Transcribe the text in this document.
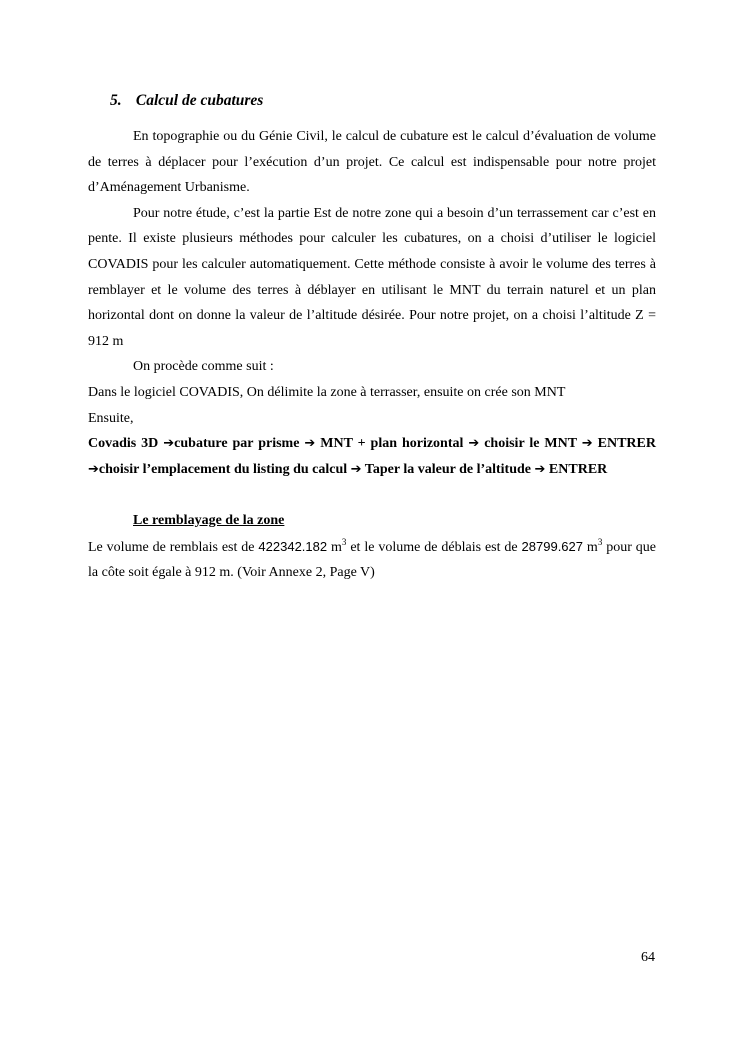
5. Calcul de cubatures

En topographie ou du Génie Civil, le calcul de cubature est le calcul d’évaluation de volume de terres à déplacer pour l’exécution d’un projet. Ce calcul est indispensable pour notre projet d’Aménagement Urbanisme.

Pour notre étude, c’est la partie Est de notre zone qui a besoin d’un terrassement car c’est en pente. Il existe plusieurs méthodes pour calculer les cubatures, on a choisi d’utiliser le logiciel COVADIS pour les calculer automatiquement. Cette méthode consiste à avoir le volume des terres à remblayer et le volume des terres à déblayer en utilisant le MNT du terrain naturel et un plan horizontal dont on donne la valeur de l’altitude désirée. Pour notre projet, on a choisi l’altitude Z = 912 m

On procède comme suit :

Dans le logiciel COVADIS, On délimite la zone à terrasser, ensuite on crée son MNT

Ensuite,

Covadis 3D ➔cubature par prisme ➔ MNT + plan horizontal ➔ choisir le MNT ➔ ENTRER ➔choisir l’emplacement du listing du calcul ➔ Taper la valeur de l’altitude ➔ ENTRER

Le remblayage de la zone

Le volume de remblais est de 422342.182 $m^3$ et le volume de déblais est de 28799.627 $m^3$ pour que la côte soit égale à 912 m. (Voir Annexe 2, Page V)

64
